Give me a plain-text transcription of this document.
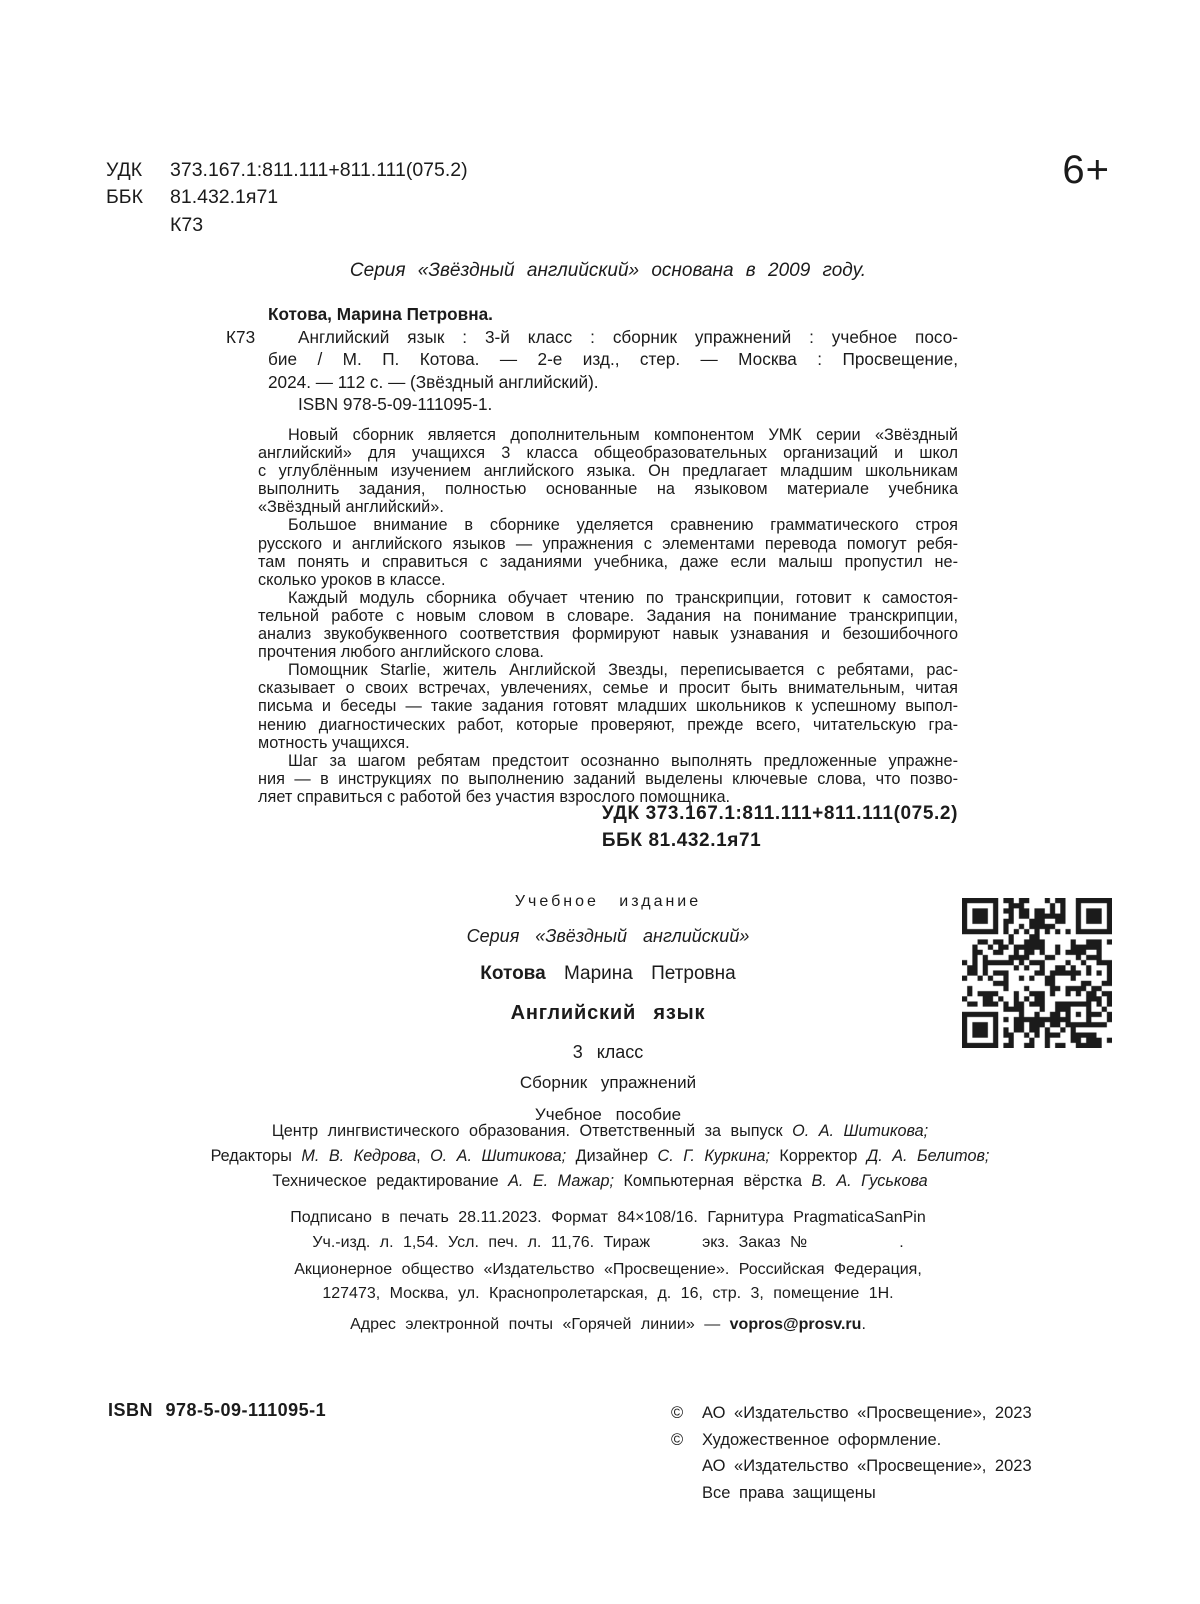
УДК	373.167.1:811.111+811.111(075.2)
ББК	81.432.1я71
К73
6+
Серия «Звёздный английский» основана в 2009 году.
Котова, Марина Петровна.
К73	Английский язык : 3-й класс : сборник упражнений : учебное посо-
бие / М. П. Котова. — 2-е изд., стер. — Москва : Просвещение,
2024. — 112 с. — (Звёздный английский).
ISBN 978-5-09-111095-1.
Новый сборник является дополнительным компонентом УМК серии «Звёздный
английский» для учащихся 3 класса общеобразовательных организаций и школ
с углублённым изучением английского языка. Он предлагает младшим школьникам
выполнить задания, полностью основанные на языковом материале учебника
«Звёздный английский».
Большое внимание в сборнике уделяется сравнению грамматического строя
русского и английского языков — упражнения с элементами перевода помогут ребя-
там понять и справиться с заданиями учебника, даже если малыш пропустил не-
сколько уроков в классе.
Каждый модуль сборника обучает чтению по транскрипции, готовит к самостоя-
тельной работе с новым словом в словаре. Задания на понимание транскрипции,
анализ звукобуквенного соответствия формируют навык узнавания и безошибочного
прочтения любого английского слова.
Помощник Starlie, житель Английской Звезды, переписывается с ребятами, рас-
сказывает о своих встречах, увлечениях, семье и просит быть внимательным, читая
письма и беседы — такие задания готовят младших школьников к успешному выпол-
нению диагностических работ, которые проверяют, прежде всего, читательскую гра-
мотность учащихся.
Шаг за шагом ребятам предстоит осознанно выполнять предложенные упражне-
ния — в инструкциях по выполнению заданий выделены ключевые слова, что позво-
ляет справиться с работой без участия взрослого помощника.
УДК 373.167.1:811.111+811.111(075.2)
ББК 81.432.1я71
Учебное издание
Серия «Звёздный английский»
Котова Марина Петровна
Английский язык
3 класс
Сборник упражнений
Учебное пособие
Центр лингвистического образования. Ответственный за выпуск О. А. Шитикова;
Редакторы М. В. Кедрова, О. А. Шитикова; Дизайнер С. Г. Куркина; Корректор Д. А. Белитов;
Техническое редактирование А. Е. Мажар; Компьютерная вёрстка В. А. Гуськова
Подписано в печать 28.11.2023. Формат 84×108/16. Гарнитура PragmaticaSanPin
Уч.-изд. л. 1,54. Усл. печ. л. 11,76. Тираж	экз. Заказ №	.
Акционерное общество «Издательство «Просвещение». Российская Федерация,
127473, Москва, ул. Краснопролетарская, д. 16, стр. 3, помещение 1Н.
Адрес электронной почты «Горячей линии» — vopros@prosv.ru.
ISBN 978-5-09-111095-1	©	АО «Издательство «Просвещение», 2023
©	Художественное оформление.
АО «Издательство «Просвещение», 2023
Все права защищены
